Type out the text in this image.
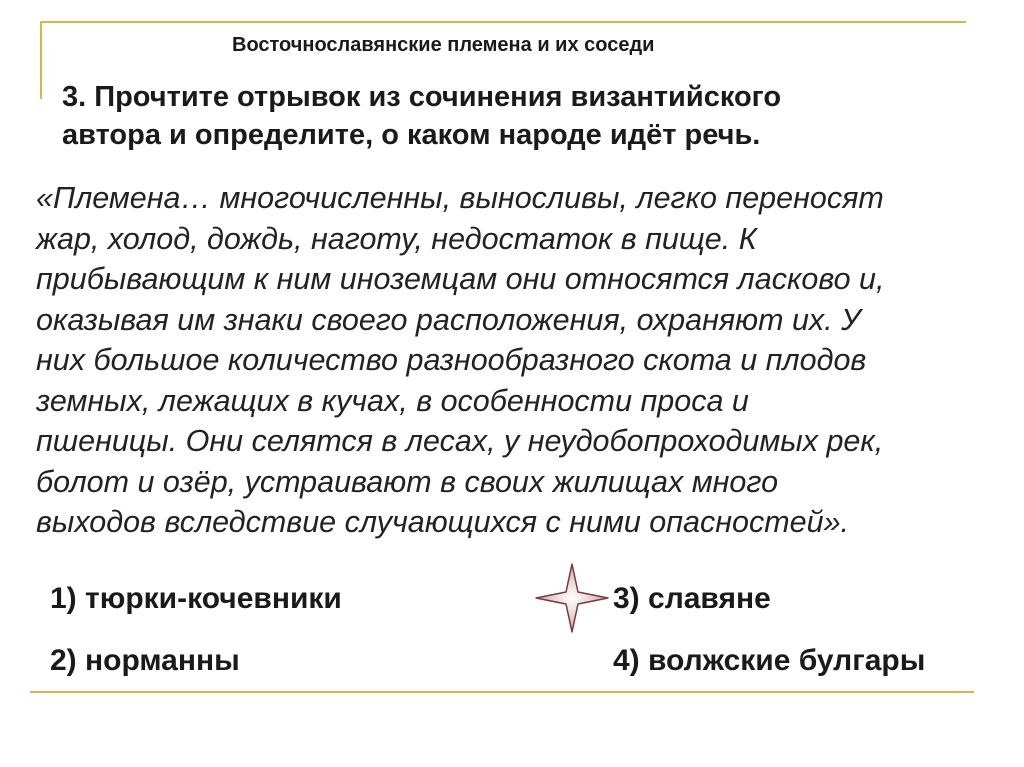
Восточнославянские племена и их соседи
3. Прочтите отрывок из сочинения византийского
автора и определите, о каком народе идёт речь.
«Племена… многочисленны, выносливы, легко переносят
жар, холод, дождь, наготу, недостаток в пище. К
прибывающим к ним иноземцам они относятся ласково и,
оказывая им знаки своего расположения, охраняют их. У
них большое количество разнообразного скота и плодов
земных, лежащих в кучах, в особенности проса и
пшеницы. Они селятся в лесах, у неудобопроходимых рек,
болот и озёр, устраивают в своих жилищах много
выходов вследствие случающихся с ними опасностей».
1) тюрки-кочевники
2) норманны
3) славяне
4) волжские булгары
